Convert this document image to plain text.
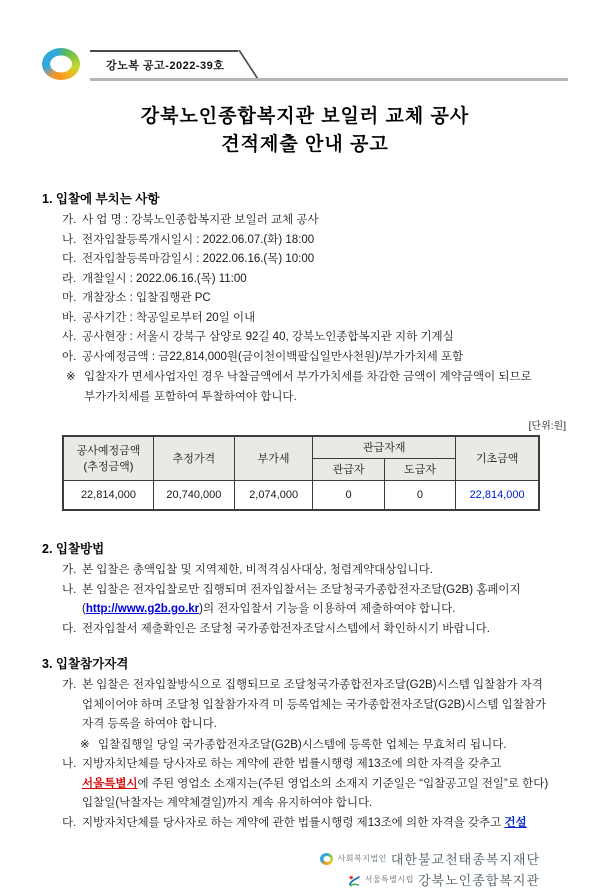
강노복 공고-2022-39호
강북노인종합복지관 보일러 교체 공사
견적제출 안내 공고
1. 입찰에 부치는 사항
가. 사 업 명 : 강북노인종합복지관 보일러 교체 공사
나. 전자입찰등록개시일시 : 2022.06.07.(화) 18:00
다. 전자입찰등록마감일시 : 2022.06.16.(목) 10:00
라. 개찰일시 : 2022.06.16.(목) 11:00
마. 개찰장소 : 입찰집행관 PC
바. 공사기간 : 착공일로부터 20일 이내
사. 공사현장 : 서울시 강북구 삼양로 92길 40, 강북노인종합복지관 지하 기계실
아. 공사예정금액 : 금22,814,000원(금이천이백팔십일만사천원)/부가가치세 포함
※ 입찰자가 면세사업자인 경우 낙찰금액에서 부가가치세를 차감한 금액이 계약금액이 되므로 부가가치세를 포함하여 투찰하여야 합니다.
[단위:원]
공사예정금액
(추정금액)	추정가격	부가세	관급자재		기초금액
			관급자	도급자	
22,814,000	20,740,000	2,074,000	0	0	22,814,000
2. 입찰방법
가. 본 입찰은 총액입찰 및 지역제한, 비적격심사대상, 청렴계약대상입니다.
나. 본 입찰은 전자입찰로만 집행되며 전자입찰서는 조달청국가종합전자조달(G2B) 홈페이지(http://www.g2b.go.kr)의 전자입찰서 기능을 이용하여 제출하여야 합니다.
다. 전자입찰서 제출확인은 조달청 국가종합전자조달시스템에서 확인하시기 바랍니다.
3. 입찰참가자격
가. 본 입찰은 전자입찰방식으로 집행되므로 조달청국가종합전자조달(G2B)시스템 입찰참가 자격 업체이어야 하며 조달청 입찰참가자격 미 등록업체는 국가종합전자조달(G2B)시스템 입찰참가 자격 등록을 하여야 합니다.
※ 입찰집행일 당일 국가종합전자조달(G2B)시스템에 등록한 업체는 무효처리 됩니다.
나. 지방자치단체를 당사자로 하는 계약에 관한 법률시행령 제13조에 의한 자격을 갖추고 서울특별시에 주된 영업소 소재지는(주된 영업소의 소재지 기준일은 “입찰공고일 전일”로 한다) 입찰일(낙찰자는 계약체결일)까지 계속 유지하여야 합니다.
다. 지방자치단체를 당사자로 하는 계약에 관한 법률시행령 제13조에 의한 자격을 갖추고 건설
사회복지법인 대한불교천태종복지재단
서울특별시립 강북노인종합복지관
